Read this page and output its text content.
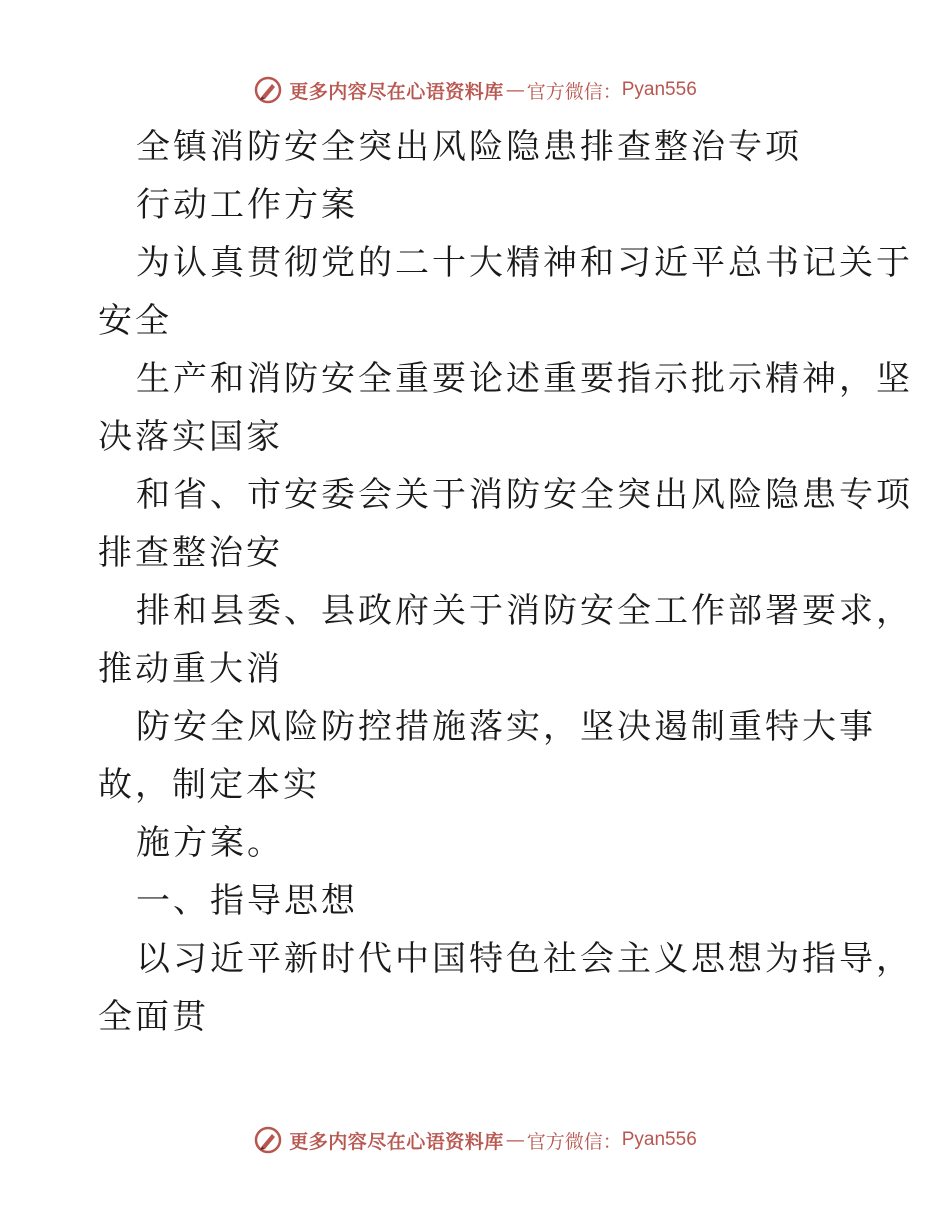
更多内容尽在心语资料库 — 官方微信： Pyan556
全镇消防安全突出风险隐患排查整治专项
行动工作方案
为认真贯彻党的二十大精神和习近平总书记关于
安全
生产和消防安全重要论述重要指示批示精神，坚
决落实国家
和省、市安委会关于消防安全突出风险隐患专项
排查整治安
排和县委、县政府关于消防安全工作部署要求，
推动重大消
防安全风险防控措施落实，坚决遏制重特大事
故，制定本实
施方案。
一、指导思想
以习近平新时代中国特色社会主义思想为指导，
全面贯
更多内容尽在心语资料库 — 官方微信： Pyan556
